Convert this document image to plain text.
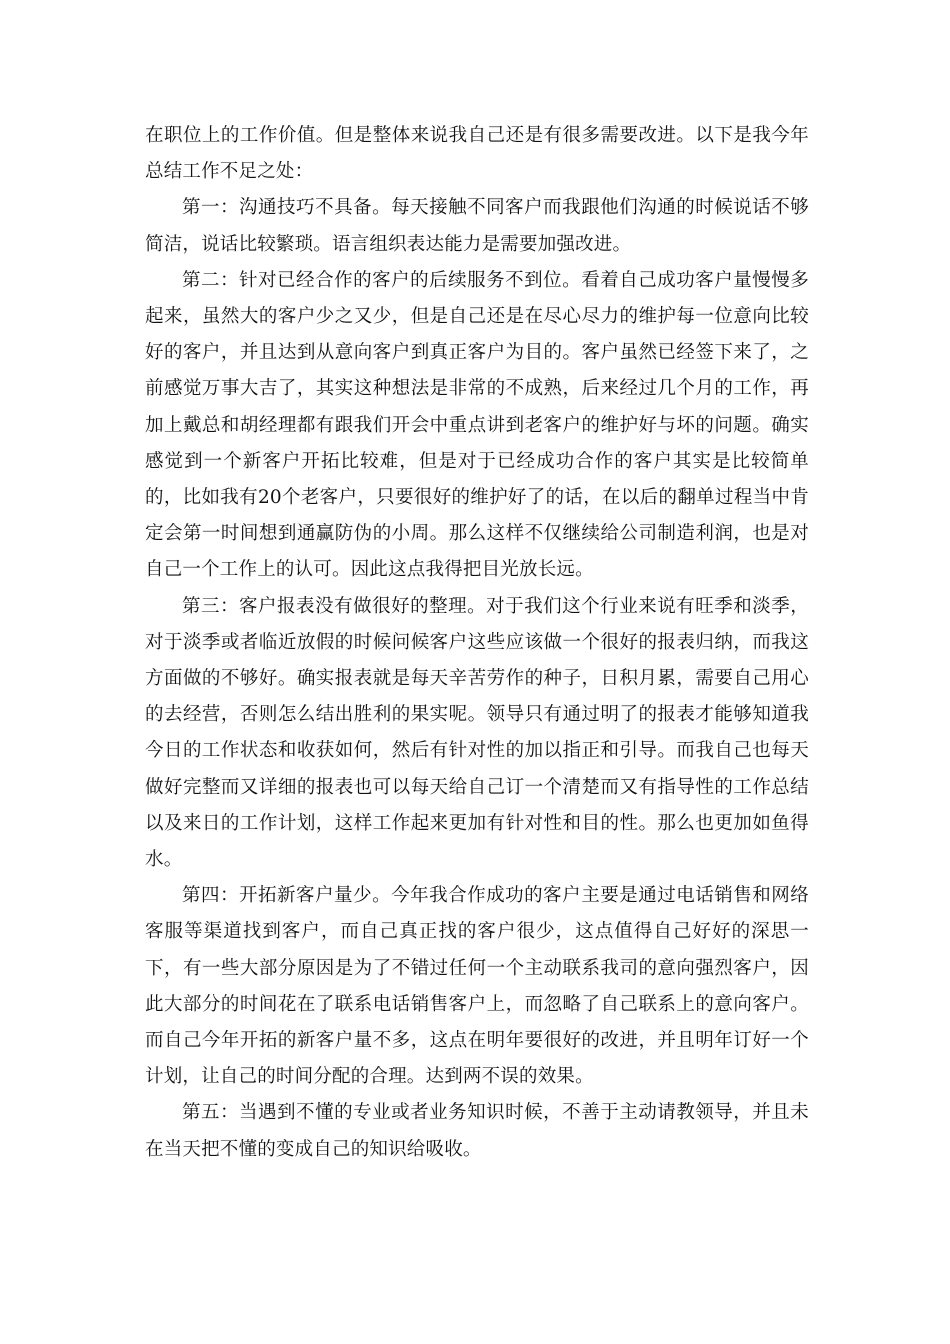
在职位上的工作价值。但是整体来说我自己还是有很多需要改进。以下是我今年总结工作不足之处：

第一：沟通技巧不具备。每天接触不同客户而我跟他们沟通的时候说话不够简洁，说话比较繁琐。语言组织表达能力是需要加强改进。

第二：针对已经合作的客户的后续服务不到位。看着自己成功客户量慢慢多起来，虽然大的客户少之又少，但是自己还是在尽心尽力的维护每一位意向比较好的客户，并且达到从意向客户到真正客户为目的。客户虽然已经签下来了，之前感觉万事大吉了，其实这种想法是非常的不成熟，后来经过几个月的工作，再加上戴总和胡经理都有跟我们开会中重点讲到老客户的维护好与坏的问题。确实感觉到一个新客户开拓比较难，但是对于已经成功合作的客户其实是比较简单的，比如我有20个老客户，只要很好的维护好了的话，在以后的翻单过程当中肯定会第一时间想到通赢防伪的小周。那么这样不仅继续给公司制造利润，也是对自己一个工作上的认可。因此这点我得把目光放长远。

第三：客户报表没有做很好的整理。对于我们这个行业来说有旺季和淡季，对于淡季或者临近放假的时候问候客户这些应该做一个很好的报表归纳，而我这方面做的不够好。确实报表就是每天辛苦劳作的种子，日积月累，需要自己用心的去经营，否则怎么结出胜利的果实呢。领导只有通过明了的报表才能够知道我今日的工作状态和收获如何，然后有针对性的加以指正和引导。而我自己也每天做好完整而又详细的报表也可以每天给自己订一个清楚而又有指导性的工作总结以及来日的工作计划，这样工作起来更加有针对性和目的性。那么也更加如鱼得水。

第四：开拓新客户量少。今年我合作成功的客户主要是通过电话销售和网络客服等渠道找到客户，而自己真正找的客户很少，这点值得自己好好的深思一下，有一些大部分原因是为了不错过任何一个主动联系我司的意向强烈客户，因此大部分的时间花在了联系电话销售客户上，而忽略了自己联系上的意向客户。而自己今年开拓的新客户量不多，这点在明年要很好的改进，并且明年订好一个计划，让自己的时间分配的合理。达到两不误的效果。

第五：当遇到不懂的专业或者业务知识时候，不善于主动请教领导，并且未在当天把不懂的变成自己的知识给吸收。
